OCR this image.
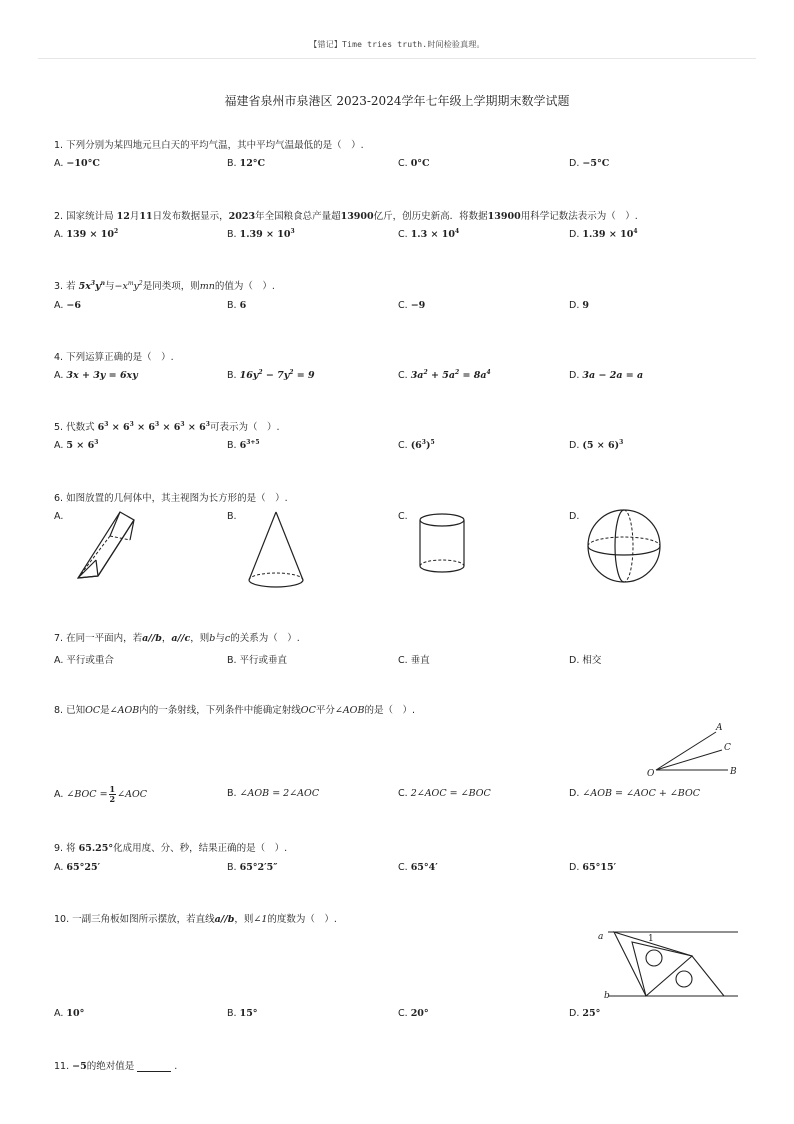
【错记】Time tries truth.时间检验真理。
福建省泉州市泉港区 2023-2024学年七年级上学期期末数学试题
1. 下列分别为某四地元旦白天的平均气温，其中平均气温最低的是（　）.
A. −10°C	B. 12°C	C. 0°C	D. −5°C
2. 国家统计局 12月11日发布数据显示，2023年全国粮食总产量超13900亿斤，创历史新高．将数据13900用科学记数法表示为（　）.
A. $139 \times 10^2$	B. $1.39 \times 10^3$	C. $1.3 \times 10^4$	D. $1.39 \times 10^4$
3. 若 $5x^3y^n$与$-x^my^2$是同类项，则mn的值为（　）.
A. −6	B. 6	C. −9	D. 9
4. 下列运算正确的是（　）.
A. 3x + 3y = 6xy	B. $16y^2 - 7y^2 = 9$	C. $3a^2 + 5a^2 = 8a^4$	D. 3a − 2a = a
5. 代数式 $6^3 \times 6^3 \times 6^3 \times 6^3 \times 6^3$可表示为（　）.
A. $5 \times 6^3$	B. $6^{3+5}$	C. $(6^3)^5$	D. $(5 \times 6)^3$
6. 如图放置的几何体中，其主视图为长方形的是（　）.
A.	B.	C.	D.
7. 在同一平面内，若a//b，a//c，则b与c的关系为（　）.
A. 平行或重合	B. 平行或垂直	C. 垂直	D. 相交
8. 已知OC是∠AOB内的一条射线，下列条件中能确定射线OC平分∠AOB的是（　）.
A
C
B
O
A. ∠BOC = $\frac{1}{2}$ ∠AOC	B. ∠AOB = 2∠AOC	C. 2∠AOC = ∠BOC	D. ∠AOB = ∠AOC + ∠BOC
9. 将 65.25°化成用度、分、秒，结果正确的是（　）.
A. 65°25′	B. 65°2′5″	C. 65°4′	D. 65°15′
10. 一副三角板如图所示摆放，若直线a//b，则∠1的度数为（　）.
a
b
1
A. 10°	B. 15°	C. 20°	D. 25°
11. −5的绝对值是	.
